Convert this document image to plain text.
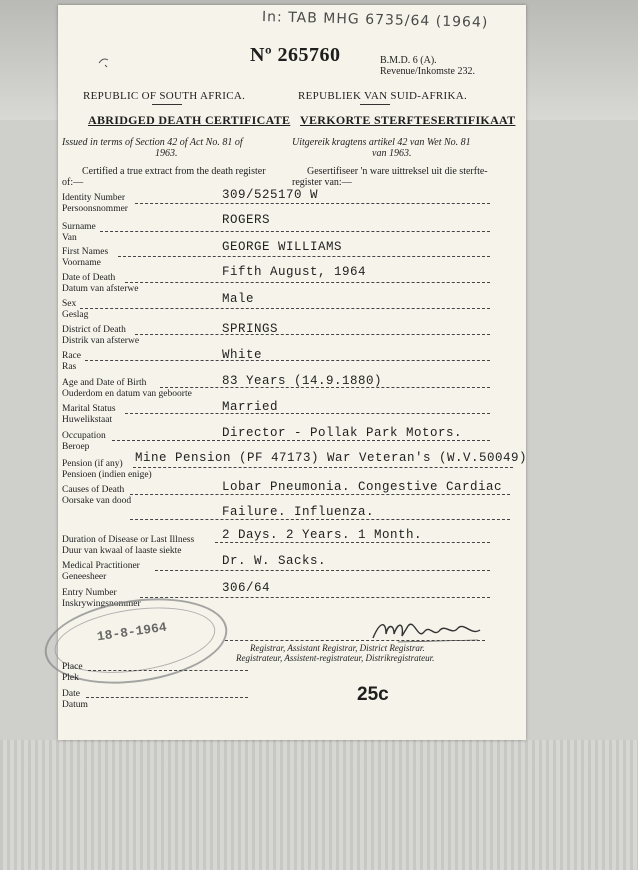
In: TAB MHG 6735/64 (1964)
Nº 265760	B.M.D. 6 (A).
Revenue/Inkomste 232.
REPUBLIC OF SOUTH AFRICA.	REPUBLIEK VAN SUID-AFRIKA.
ABRIDGED DEATH CERTIFICATE VERKORTE STERFTESERTIFIKAAT
Issued in terms of Section 42 of Act No. 81 of
1963.
Uitgereik kragtens artikel 42 van Wet No. 81
van 1963.
Certified a true extract from the death register
of:—
Gesertifiseer 'n ware uittreksel uit die sterfte-
register van:—
Identity Number
Persoonsnommer
309/525170 W
Surname
Van
ROGERS
First Names
Voorname
GEORGE WILLIAMS
Date of Death
Datum van afsterwe
Fifth August, 1964
Sex
Geslag
Male
District of Death
Distrik van afsterwe
SPRINGS
Race
Ras
White
Age and Date of Birth
Ouderdom en datum van geboorte
83 Years (14.9.1880)
Marital Status
Huwelikstaat
Married
Occupation
Beroep
Director - Pollak Park Motors.
Pension (if any)
Pensioen (indien enige)
Mine Pension (PF 47173) War Veteran's (W.V.50049)
Causes of Death
Oorsake van dood
Lobar Pneumonia. Congestive Cardiac
Failure. Influenza.
Duration of Disease or Last Illness
Duur van kwaal of laaste siekte
2 Days. 2 Years. 1 Month.
Medical Practitioner
Geneesheer
Dr. W. Sacks.
Entry Number
Inskrywingsnommer
306/64
18-8-1964
Registrar, Assistant Registrar, District Registrar.
Registrateur, Assistent-registrateur, Distrikregistrateur.
Place
Plek
Date
Datum	25c
